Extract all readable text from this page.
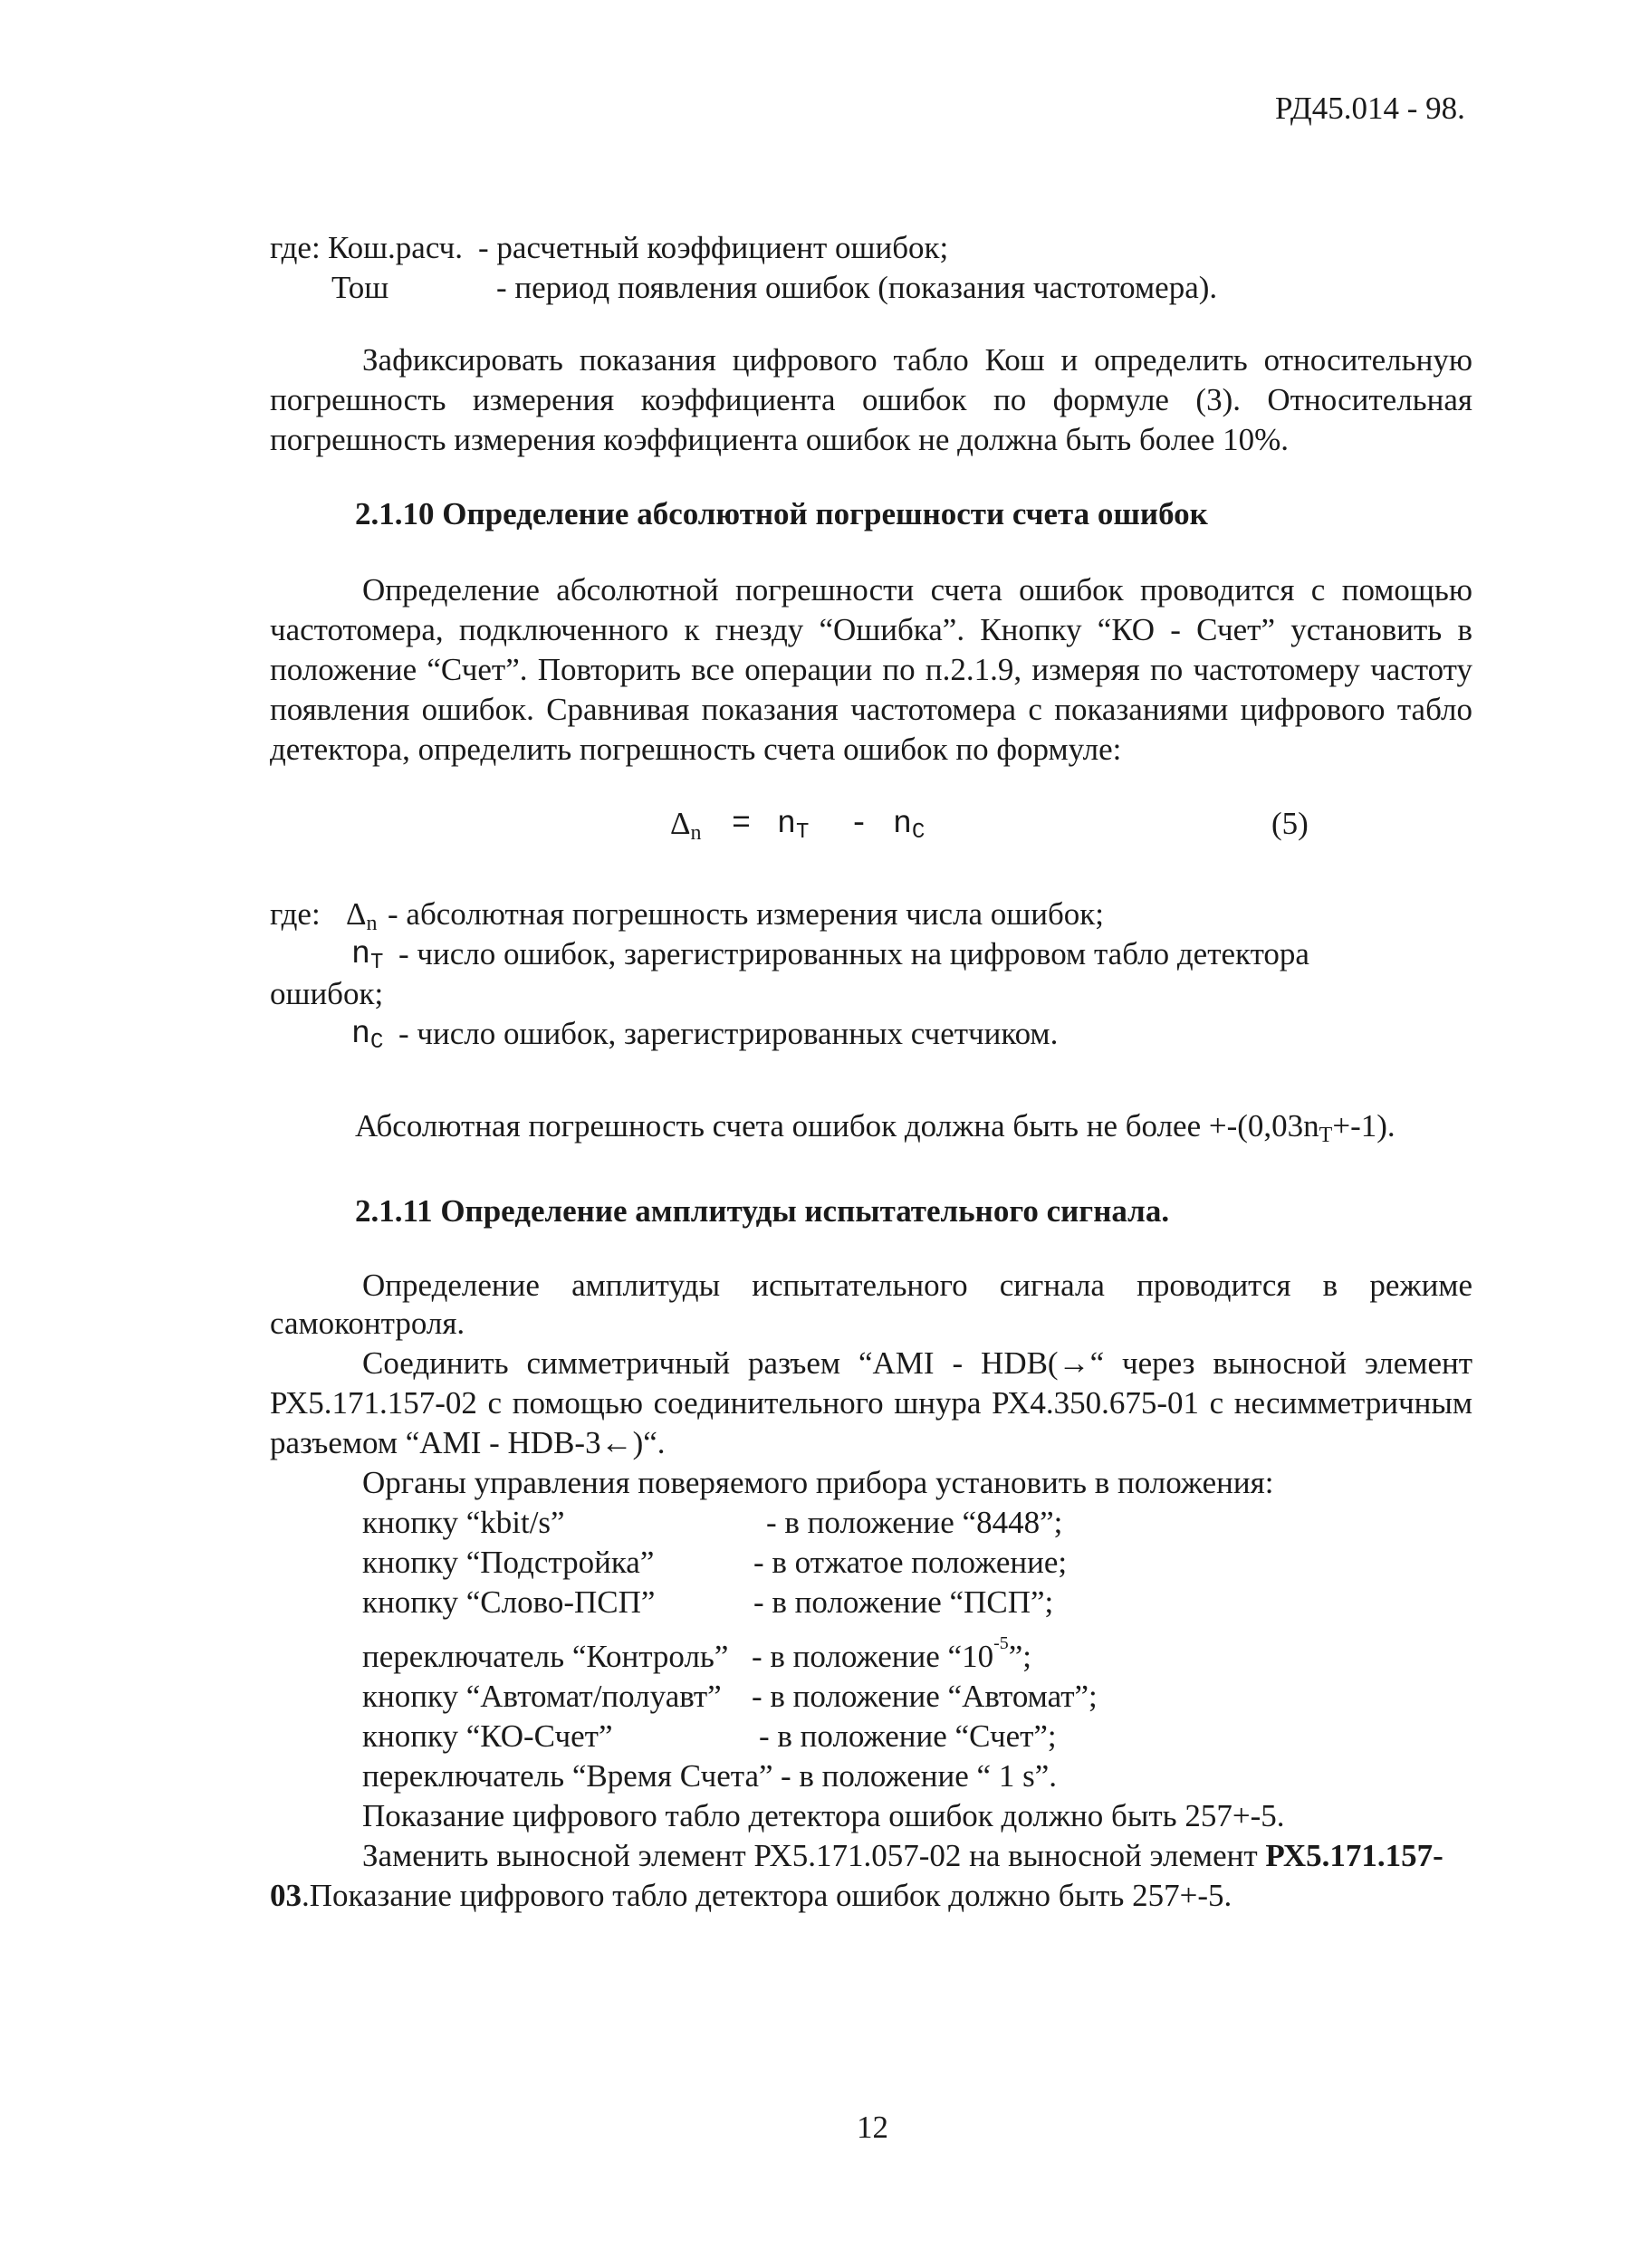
РД45.014 - 98.
где: Кош.расч. - расчетный коэффициент ошибок;
Тош	- период появления ошибок (показания частотомера).
Зафиксировать показания цифрового табло Кош и определить относительную
погрешность измерения коэффициента ошибок по формуле (3). Относительная
погрешность измерения коэффициента ошибок не должна быть более 10%.
2.1.10 Определение абсолютной погрешности счета ошибок
Определение абсолютной погрешности счета ошибок проводится с помощью
частотомера, подключенного к гнезду “Ошибка”. Кнопку “КО - Счет” установить в
положение “Счет”. Повторить все операции по п.2.1.9, измеряя по частотомеру частоту
появления ошибок. Сравнивая показания частотомера с показаниями цифрового табло
детектора, определить погрешность счета ошибок по формуле:
$\Delta_n = n_T - n_C$	(5)
где: $\Delta_n$ - абсолютная погрешность измерения числа ошибок;
$n_T$ - число ошибок, зарегистрированных на цифровом табло детектора
ошибок;
$n_C$ - число ошибок, зарегистрированных счетчиком.
Абсолютная погрешность счета ошибок должна быть не более $+-(0,03n_T+-1)$.
2.1.11 Определение амплитуды испытательного сигнала.
Определение амплитуды испытательного сигнала проводится в режиме
самоконтроля.
Соединить симметричный разъем “AMI - HDB(→“ через выносной элемент
РХ5.171.157-02 с помощью соединительного шнура РХ4.350.675-01 с несимметричным
разъемом “AMI - HDB-3←)“.
Органы управления поверяемого прибора установить в положения:
кнопку “kbit/s”	- в положение “8448”;
кнопку “Подстройка”	- в отжатое положение;
кнопку “Слово-ПСП”	- в положение “ПСП”;
переключатель “Контроль” - в положение “$10^{-5}$”;
кнопку “Автомат/полуавт” - в положение “Автомат”;
кнопку “КО-Счет”	- в положение “Счет”;
переключатель “Время Счета” - в положение “ 1 s”.
Показание цифрового табло детектора ошибок должно быть 257+-5.
Заменить выносной элемент РХ5.171.057-02 на выносной элемент РХ5.171.157-
03.Показание цифрового табло детектора ошибок должно быть 257+-5.
12
